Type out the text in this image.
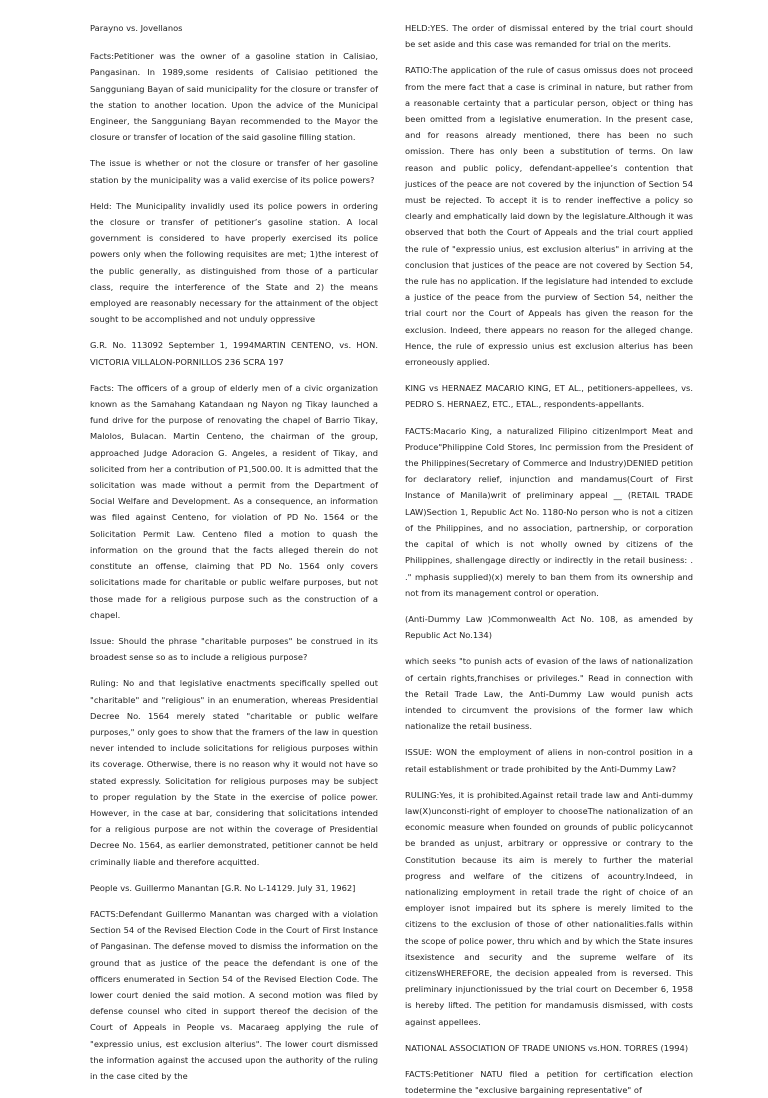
Parayno vs. Jovellanos

Facts:Petitioner was the owner of a gasoline station in Calisiao, Pangasinan. In 1989,some residents of Calisiao petitioned the Sangguniang Bayan of said municipality for the closure or transfer of the station to another location. Upon the advice of the Municipal Engineer, the Sangguniang Bayan recommended to the Mayor the closure or transfer of location of the said gasoline filling station.

The issue is whether or not the closure or transfer of her gasoline station by the municipality was a valid exercise of its police powers?

Held: The Municipality invalidly used its police powers in ordering the closure or transfer of petitioner’s gasoline station. A local government is considered to have properly exercised its police powers only when the following requisites are met; 1)the interest of the public generally, as distinguished from those of a particular class, require the interference of the State and 2) the means employed are reasonably necessary for the attainment of the object sought to be accomplished and not unduly oppressive

G.R. No. 113092 September 1, 1994MARTIN CENTENO, vs. HON. VICTORIA VILLALON-PORNILLOS 236 SCRA 197

Facts: The officers of a group of elderly men of a civic organization known as the Samahang Katandaan ng Nayon ng Tikay launched a fund drive for the purpose of renovating the chapel of Barrio Tikay, Malolos, Bulacan. Martin Centeno, the chairman of the group, approached Judge Adoracion G. Angeles, a resident of Tikay, and solicited from her a contribution of P1,500.00. It is admitted that the solicitation was made without a permit from the Department of Social Welfare and Development. As a consequence, an information was filed against Centeno, for violation of PD No. 1564 or the Solicitation Permit Law. Centeno filed a motion to quash the information on the ground that the facts alleged therein do not constitute an offense, claiming that PD No. 1564 only covers solicitations made for charitable or public welfare purposes, but not those made for a religious purpose such as the construction of a chapel.

Issue: Should the phrase "charitable purposes" be construed in its broadest sense so as to include a religious purpose?

Ruling: No and that legislative enactments specifically spelled out "charitable" and "religious" in an enumeration, whereas Presidential Decree No. 1564 merely stated "charitable or public welfare purposes," only goes to show that the framers of the law in question never intended to include solicitations for religious purposes within its coverage. Otherwise, there is no reason why it would not have so stated expressly. Solicitation for religious purposes may be subject to proper regulation by the State in the exercise of police power. However, in the case at bar, considering that solicitations intended for a religious purpose are not within the coverage of Presidential Decree No. 1564, as earlier demonstrated, petitioner cannot be held criminally liable and therefore acquitted.

People vs. Guillermo Manantan [G.R. No L-14129. July 31, 1962]

FACTS:Defendant Guillermo Manantan was charged with a violation Section 54 of the Revised Election Code in the Court of First Instance of Pangasinan. The defense moved to dismiss the information on the ground that as justice of the peace the defendant is one of the officers enumerated in Section 54 of the Revised Election Code. The lower court denied the said motion. A second motion was filed by defense counsel who cited in support thereof the decision of the Court of Appeals in People vs. Macaraeg applying the rule of "expressio unius, est exclusion alterius". The lower court dismissed the information against the accused upon the authority of the ruling in the case cited by the

HELD:YES. The order of dismissal entered by the trial court should be set aside and this case was remanded for trial on the merits.

RATIO:The application of the rule of casus omissus does not proceed from the mere fact that a case is criminal in nature, but rather from a reasonable certainty that a particular person, object or thing has been omitted from a legislative enumeration. In the present case, and for reasons already mentioned, there has been no such omission. There has only been a substitution of terms. On law reason and public policy, defendant-appellee’s contention that justices of the peace are not covered by the injunction of Section 54 must be rejected. To accept it is to render ineffective a policy so clearly and emphatically laid down by the legislature.Although it was observed that both the Court of Appeals and the trial court applied the rule of "expressio unius, est exclusion alterius" in arriving at the conclusion that justices of the peace are not covered by Section 54, the rule has no application. If the legislature had intended to exclude a justice of the peace from the purview of Section 54, neither the trial court nor the Court of Appeals has given the reason for the exclusion. Indeed, there appears no reason for the alleged change. Hence, the rule of expressio unius est exclusion alterius has been erroneously applied.

KING vs HERNAEZ MACARIO KING, ET AL., petitioners-appellees, vs. PEDRO S. HERNAEZ, ETC., ETAL., respondents-appellants.

FACTS:Macario King, a naturalized Filipino citizenImport Meat and Produce"Philippine Cold Stores, Inc permission from the President of the Philippines(Secretary of Commerce and Industry)DENIED petition for declaratory relief, injunction and mandamus(Court of First Instance of Manila)writ of preliminary appeal __ (RETAIL TRADE LAW)Section 1, Republic Act No. 1180-No person who is not a citizen of the Philippines, and no association, partnership, or corporation the capital of which is not wholly owned by citizens of the Philippines, shallengage directly or indirectly in the retail business: . ." mphasis supplied)(x) merely to ban them from its ownership and not from its management control or operation.

(Anti-Dummy Law )Commonwealth Act No. 108, as amended by Republic Act No.134)

which seeks "to punish acts of evasion of the laws of nationalization of certain rights,franchises or privileges." Read in connection with the Retail Trade Law, the Anti-Dummy Law would punish acts intended to circumvent the provisions of the former law which nationalize the retail business.

ISSUE: WON the employment of aliens in non-control position in a retail establishment or trade prohibited by the Anti-Dummy Law?

RULING:Yes, it is prohibited.Against retail trade law and Anti-dummy law(X)unconsti-right of employer to chooseThe nationalization of an economic measure when founded on grounds of public policycannot be branded as unjust, arbitrary or oppressive or contrary to the Constitution because its aim is merely to further the material progress and welfare of the citizens of acountry.Indeed, in nationalizing employment in retail trade the right of choice of an employer isnot impaired but its sphere is merely limited to the citizens to the exclusion of those of other nationalities.falls within the scope of police power, thru which and by which the State insures itsexistence and security and the supreme welfare of its citizensWHEREFORE, the decision appealed from is reversed. This preliminary injunctionissued by the trial court on December 6, 1958 is hereby lifted. The petition for mandamusis dismissed, with costs against appellees.

NATIONAL ASSOCIATION OF TRADE UNIONS vs.HON. TORRES (1994)

FACTS:Petitioner NATU filed a petition for certification election todetermine the "exclusive bargaining representative" of
